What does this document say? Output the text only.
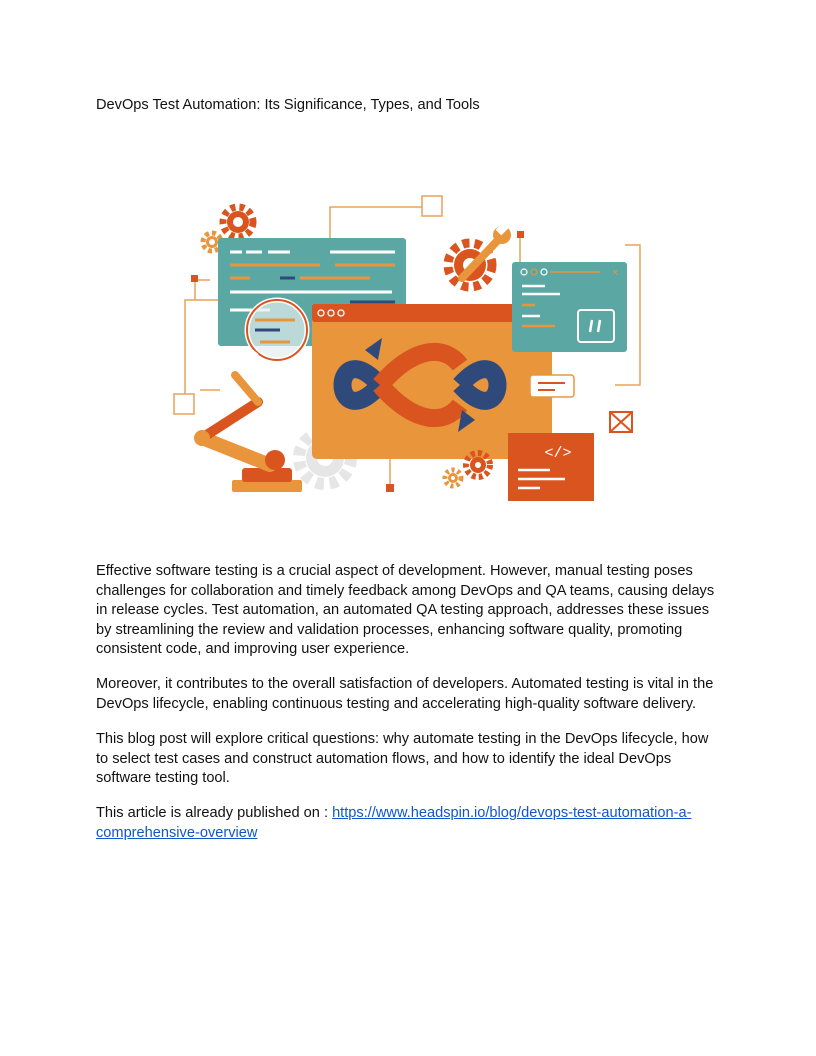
DevOps Test Automation: Its Significance, Types, and Tools
×
</>

Effective software testing is a crucial aspect of development. However, manual testing poses challenges for collaboration and timely feedback among DevOps and QA teams, causing delays in release cycles. Test automation, an automated QA testing approach, addresses these issues by streamlining the review and validation processes, enhancing software quality, promoting consistent code, and improving user experience.

Moreover, it contributes to the overall satisfaction of developers. Automated testing is vital in the DevOps lifecycle, enabling continuous testing and accelerating high-quality software delivery.

This blog post will explore critical questions: why automate testing in the DevOps lifecycle, how to select test cases and construct automation flows, and how to identify the ideal DevOps software testing tool.

This article is already published on : https://www.headspin.io/blog/devops-test-automation-a-comprehensive-overview
